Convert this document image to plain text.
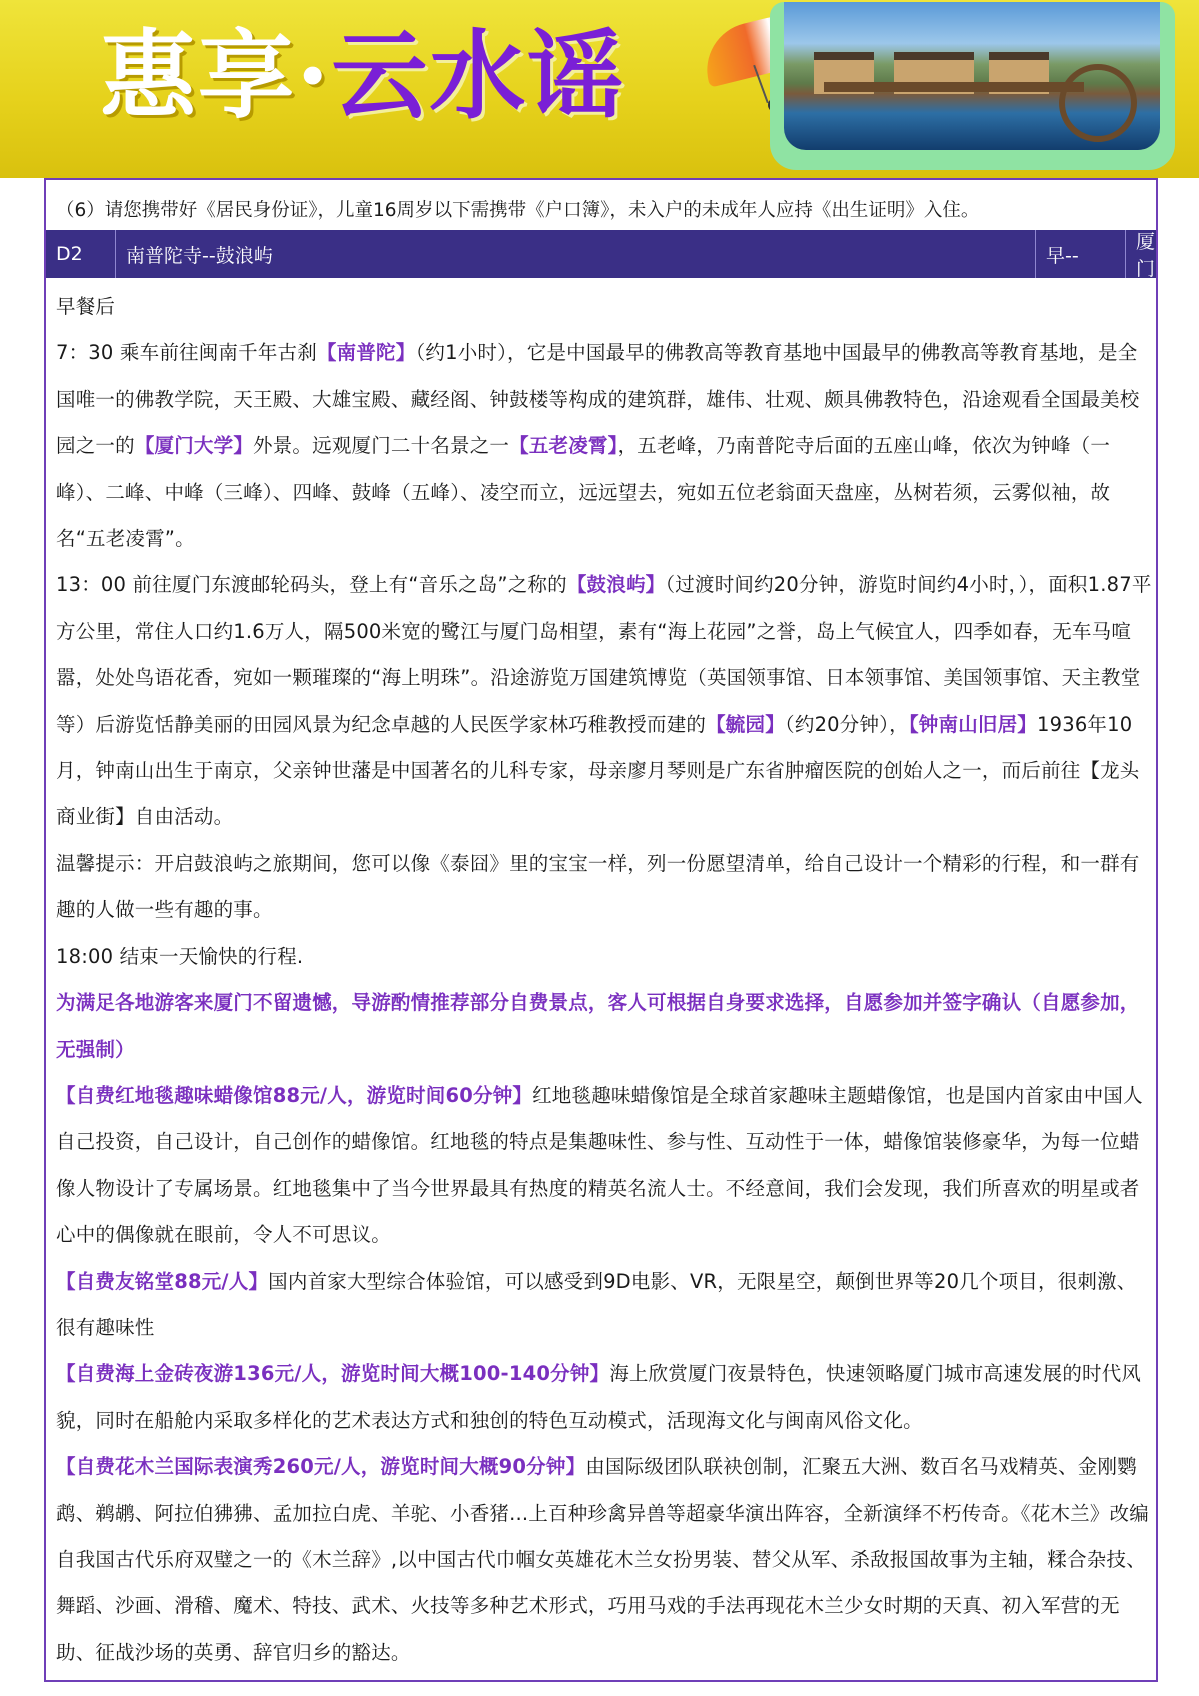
惠享·云水谣
（6）请您携带好《居民身份证》，儿童16周岁以下需携带《户口簿》，未入户的未成年人应持《出生证明》入住。
D2	南普陀寺--鼓浪屿	早--
厦门

早餐后

7：30 乘车前往闽南千年古刹【南普陀】（约1小时），它是中国最早的佛教高等教育基地中国最早的佛教高等教育基地，是全国唯一的佛教学院，天王殿、大雄宝殿、藏经阁、钟鼓楼等构成的建筑群，雄伟、壮观、颇具佛教特色，沿途观看全国最美校园之一的【厦门大学】外景。远观厦门二十名景之一【五老凌霄】，五老峰，乃南普陀寺后面的五座山峰，依次为钟峰（一峰）、二峰、中峰（三峰）、四峰、鼓峰（五峰）、凌空而立，远远望去，宛如五位老翁面天盘座，丛树若须，云雾似袖，故名“五老凌霄”。

13：00 前往厦门东渡邮轮码头，登上有“音乐之岛”之称的【鼓浪屿】（过渡时间约20分钟，游览时间约4小时，），面积1.87平方公里，常住人口约1.6万人，隔500米宽的鹭江与厦门岛相望，素有“海上花园”之誉，岛上气候宜人，四季如春，无车马喧嚣，处处鸟语花香，宛如一颗璀璨的“海上明珠”。沿途游览万国建筑博览（英国领事馆、日本领事馆、美国领事馆、天主教堂等）后游览恬静美丽的田园风景为纪念卓越的人民医学家林巧稚教授而建的【毓园】（约20分钟），【钟南山旧居】1936年10月，钟南山出生于南京，父亲钟世藩是中国著名的儿科专家，母亲廖月琴则是广东省肿瘤医院的创始人之一，而后前往【龙头商业街】自由活动。

温馨提示：开启鼓浪屿之旅期间，您可以像《泰囧》里的宝宝一样，列一份愿望清单，给自己设计一个精彩的行程，和一群有趣的人做一些有趣的事。

18:00 结束一天愉快的行程.

为满足各地游客来厦门不留遗憾，导游酌情推荐部分自费景点，客人可根据自身要求选择，自愿参加并签字确认（自愿参加，无强制）

【自费红地毯趣味蜡像馆88元/人，游览时间60分钟】红地毯趣味蜡像馆是全球首家趣味主题蜡像馆，也是国内首家由中国人自己投资，自己设计，自己创作的蜡像馆。红地毯的特点是集趣味性、参与性、互动性于一体，蜡像馆装修豪华，为每一位蜡像人物设计了专属场景。红地毯集中了当今世界最具有热度的精英名流人士。不经意间，我们会发现，我们所喜欢的明星或者心中的偶像就在眼前，令人不可思议。

【自费友铭堂88元/人】国内首家大型综合体验馆，可以感受到9D电影、VR，无限星空，颠倒世界等20几个项目，很刺激、很有趣味性

【自费海上金砖夜游136元/人，游览时间大概100-140分钟】海上欣赏厦门夜景特色，快速领略厦门城市高速发展的时代风貌，同时在船舱内采取多样化的艺术表达方式和独创的特色互动模式，活现海文化与闽南风俗文化。

【自费花木兰国际表演秀260元/人，游览时间大概90分钟】由国际级团队联袂创制，汇聚五大洲、数百名马戏精英、金刚鹦鹉、鹈鹕、阿拉伯狒狒、孟加拉白虎、羊驼、小香猪...上百种珍禽异兽等超豪华演出阵容，全新演绎不朽传奇。《花木兰》改编自我国古代乐府双璧之一的《木兰辞》,以中国古代巾帼女英雄花木兰女扮男装、替父从军、杀敌报国故事为主轴，糅合杂技、舞蹈、沙画、滑稽、魔术、特技、武术、火技等多种艺术形式，巧用马戏的手法再现花木兰少女时期的天真、初入军营的无助、征战沙场的英勇、辞官归乡的豁达。
